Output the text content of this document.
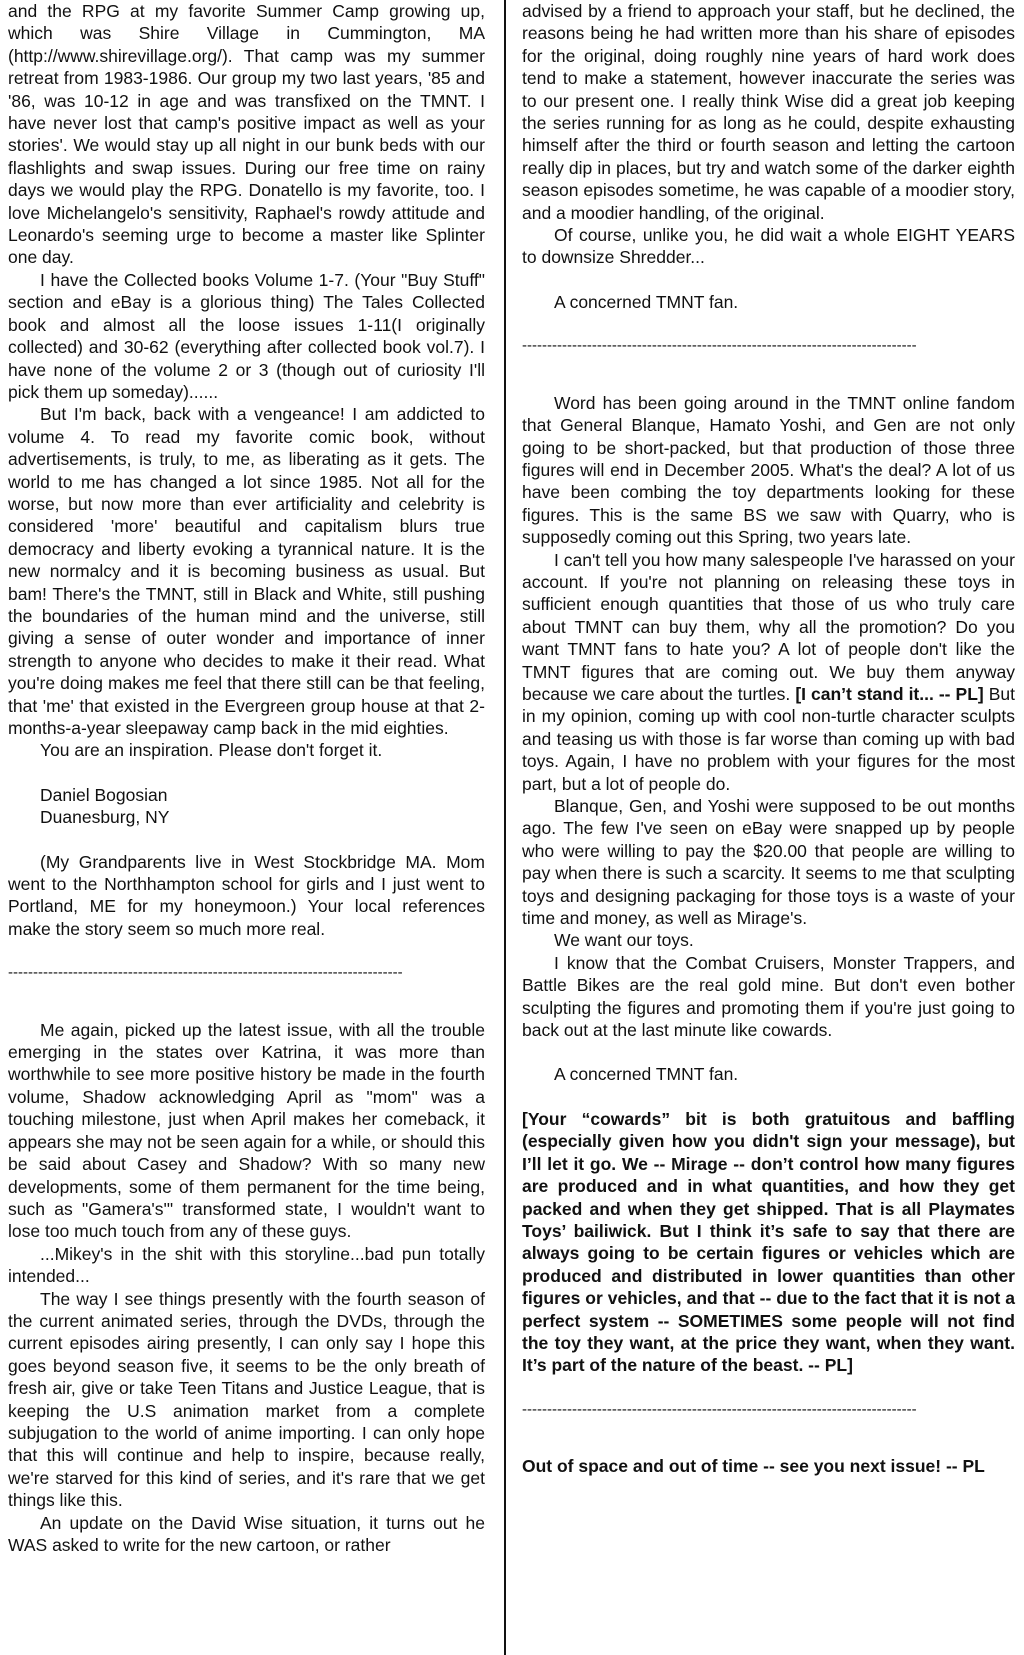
and the RPG at my favorite Summer Camp growing up, which was Shire Village in Cummington, MA (http://www.shirevillage.org/). That camp was my summer retreat from 1983-1986. Our group my two last years, '85 and '86, was 10-12 in age and was transfixed on the TMNT. I have never lost that camp's positive impact as well as your stories'. We would stay up all night in our bunk beds with our flashlights and swap issues. During our free time on rainy days we would play the RPG. Donatello is my favorite, too. I love Michelangelo's sensitivity, Raphael's rowdy attitude and Leonardo's seeming urge to become a master like Splinter one day.

I have the Collected books Volume 1-7. (Your "Buy Stuff" section and eBay is a glorious thing) The Tales Collected book and almost all the loose issues 1-11(I originally collected) and 30-62 (everything after collected book vol.7). I have none of the volume 2 or 3 (though out of curiosity I'll pick them up someday)......

But I'm back, back with a vengeance! I am addicted to volume 4. To read my favorite comic book, without advertisements, is truly, to me, as liberating as it gets. The world to me has changed a lot since 1985. Not all for the worse, but now more than ever artificiality and celebrity is considered 'more' beautiful and capitalism blurs true democracy and liberty evoking a tyrannical nature. It is the new normalcy and it is becoming business as usual. But bam! There's the TMNT, still in Black and White, still pushing the boundaries of the human mind and the universe, still giving a sense of outer wonder and importance of inner strength to anyone who decides to make it their read. What you're doing makes me feel that there still can be that feeling, that 'me' that existed in the Evergreen group house at that 2-months-a-year sleepaway camp back in the mid eighties.

You are an inspiration. Please don't forget it.

Daniel Bogosian

Duanesburg, NY

(My Grandparents live in West Stockbridge MA. Mom went to the Northhampton school for girls and I just went to Portland, ME for my honeymoon.) Your local references make the story seem so much more real.

-------------------------------------------------------------------------------

Me again, picked up the latest issue, with all the trouble emerging in the states over Katrina, it was more than worthwhile to see more positive history be made in the fourth volume, Shadow acknowledging April as "mom" was a touching milestone, just when April makes her comeback, it appears she may not be seen again for a while, or should this be said about Casey and Shadow? With so many new developments, some of them permanent for the time being, such as "Gamera's'" transformed state, I wouldn't want to lose too much touch from any of these guys.

...Mikey's in the shit with this storyline...bad pun totally intended...

The way I see things presently with the fourth season of the current animated series, through the DVDs, through the current episodes airing presently, I can only say I hope this goes beyond season five, it seems to be the only breath of fresh air, give or take Teen Titans and Justice League, that is keeping the U.S animation market from a complete subjugation to the world of anime importing. I can only hope that this will continue and help to inspire, because really, we're starved for this kind of series, and it's rare that we get things like this.

An update on the David Wise situation, it turns out he WAS asked to write for the new cartoon, or rather

advised by a friend to approach your staff, but he declined, the reasons being he had written more than his share of episodes for the original, doing roughly nine years of hard work does tend to make a statement, however inaccurate the series was to our present one. I really think Wise did a great job keeping the series running for as long as he could, despite exhausting himself after the third or fourth season and letting the cartoon really dip in places, but try and watch some of the darker eighth season episodes sometime, he was capable of a moodier story, and a moodier handling, of the original.

Of course, unlike you, he did wait a whole EIGHT YEARS to downsize Shredder...

A concerned TMNT fan.

-------------------------------------------------------------------------------

Word has been going around in the TMNT online fandom that General Blanque, Hamato Yoshi, and Gen are not only going to be short-packed, but that production of those three figures will end in December 2005. What's the deal? A lot of us have been combing the toy departments looking for these figures. This is the same BS we saw with Quarry, who is supposedly coming out this Spring, two years late.

I can't tell you how many salespeople I've harassed on your account. If you're not planning on releasing these toys in sufficient enough quantities that those of us who truly care about TMNT can buy them, why all the promotion? Do you want TMNT fans to hate you? A lot of people don't like the TMNT figures that are coming out. We buy them anyway because we care about the turtles. [I can’t stand it... -- PL] But in my opinion, coming up with cool non-turtle character sculpts and teasing us with those is far worse than coming up with bad toys. Again, I have no problem with your figures for the most part, but a lot of people do.

Blanque, Gen, and Yoshi were supposed to be out months ago. The few I've seen on eBay were snapped up by people who were willing to pay the $20.00 that people are willing to pay when there is such a scarcity. It seems to me that sculpting toys and designing packaging for those toys is a waste of your time and money, as well as Mirage's.

We want our toys.

I know that the Combat Cruisers, Monster Trappers, and Battle Bikes are the real gold mine. But don't even bother sculpting the figures and promoting them if you're just going to back out at the last minute like cowards.

A concerned TMNT fan.

[Your “cowards” bit is both gratuitous and baffling (especially given how you didn't sign your message), but I’ll let it go. We -- Mirage -- don’t control how many figures are produced and in what quantities, and how they get packed and when they get shipped. That is all Playmates Toys’ bailiwick. But I think it’s safe to say that there are always going to be certain figures or vehicles which are produced and distributed in lower quantities than other figures or vehicles, and that -- due to the fact that it is not a perfect system -- SOMETIMES some people will not find the toy they want, at the price they want, when they want. It’s part of the nature of the beast. -- PL]

-------------------------------------------------------------------------------

Out of space and out of time -- see you next issue! -- PL
